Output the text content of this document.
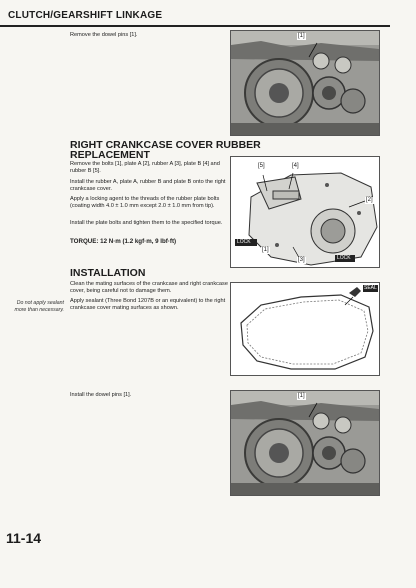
CLUTCH/GEARSHIFT LINKAGE
Remove the dowel pins [1].	[1]
RIGHT CRANKCASE COVER RUBBER
REPLACEMENT
Remove the bolts [1], plate A [2], rubber A [3], plate B [4] and rubber B [5].
Install the rubber A, plate A, rubber B and plate B onto the right crankcase cover.
Apply a locking agent to the threads of the rubber plate bolts (coating width 4.0 ± 1.0 mm except 2.0 ± 1.0 mm from tip).
Install the plate bolts and tighten them to the specified torque.
TORQUE: 12 N·m (1.2 kgf·m, 9 lbf·ft)
[5]	[4]
[2]
[1]
[3]
LOCK
LOCK
INSTALLATION
Clean the mating surfaces of the crankcase and right crankcase cover, being careful not to damage them.
Apply sealant (Three Bond 1207B or an equivalent) to the right crankcase cover mating surfaces as shown.
Do not apply sealant more than necessary.
SEAL
Install the dowel pins [1].	[1]
11-14
